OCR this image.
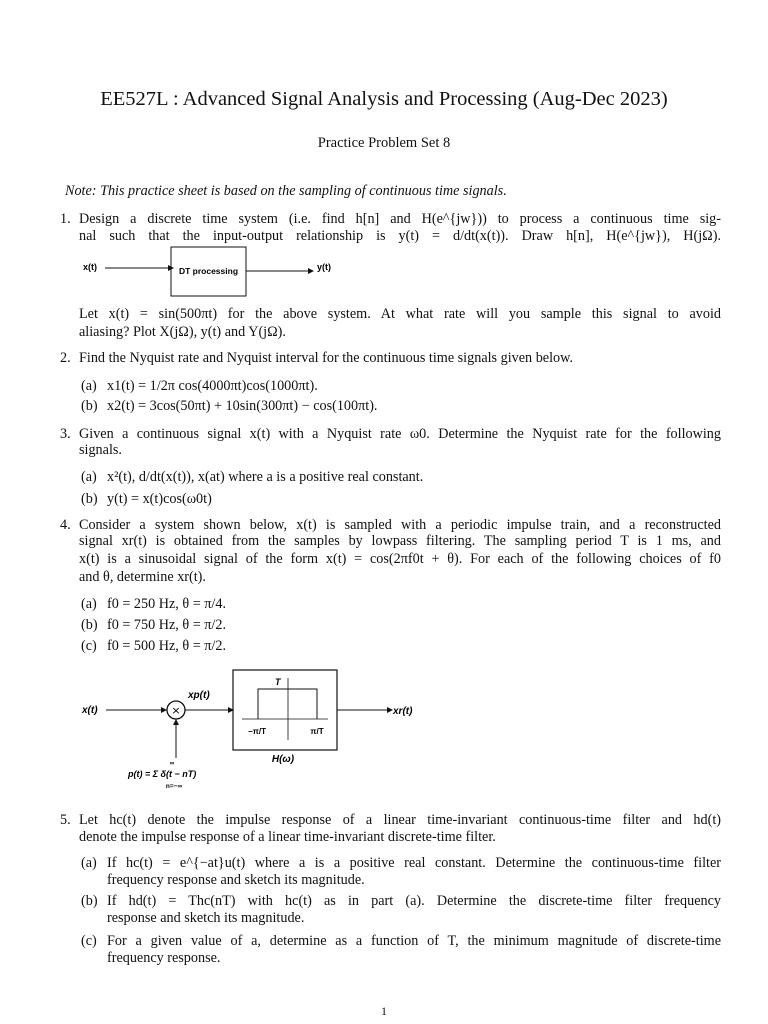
EE527L : Advanced Signal Analysis and Processing (Aug-Dec 2023)
Practice Problem Set 8
Note: This practice sheet is based on the sampling of continuous time signals.
1. Design a discrete time system (i.e. find h[n] and H(e^{jw})) to process a continuous time sig-
nal such that the input-output relationship is y(t) = d/dt(x(t)). Draw h[n], H(e^{jw}), H(jΩ).
x(t)	DT processing	y(t)
Let x(t) = sin(500πt) for the above system. At what rate will you sample this signal to avoid
aliasing? Plot X(jΩ), y(t) and Y(jΩ).
2. Find the Nyquist rate and Nyquist interval for the continuous time signals given below.
(a) x1(t) = 1/2π cos(4000πt)cos(1000πt).
(b) x2(t) = 3cos(50πt) + 10sin(300πt) − cos(100πt).
3. Given a continuous signal x(t) with a Nyquist rate ω0. Determine the Nyquist rate for the following
signals.
(a) x²(t), d/dt(x(t)), x(at) where a is a positive real constant.
(b) y(t) = x(t)cos(ω0t)
4. Consider a system shown below, x(t) is sampled with a periodic impulse train, and a reconstructed
signal xr(t) is obtained from the samples by lowpass filtering. The sampling period T is 1 ms, and
x(t) is a sinusoidal signal of the form x(t) = cos(2πf0t + θ). For each of the following choices of f0
and θ, determine xr(t).
(a) f0 = 250 Hz, θ = π/4.
(b) f0 = 750 Hz, θ = π/2.
(c) f0 = 500 Hz, θ = π/2.
x(t)	×
xp(t)
T
−π/T	π/T
H(ω)
xr(t)
p(t) = Σ δ(t − nT)
∞
n=−∞
5. Let hc(t) denote the impulse response of a linear time-invariant continuous-time filter and hd(t)
denote the impulse response of a linear time-invariant discrete-time filter.
(a) If hc(t) = e^{−at}u(t) where a is a positive real constant. Determine the continuous-time filter
frequency response and sketch its magnitude.
(b) If hd(t) = Thc(nT) with hc(t) as in part (a). Determine the discrete-time filter frequency
response and sketch its magnitude.
(c) For a given value of a, determine as a function of T, the minimum magnitude of discrete-time
frequency response.
1
